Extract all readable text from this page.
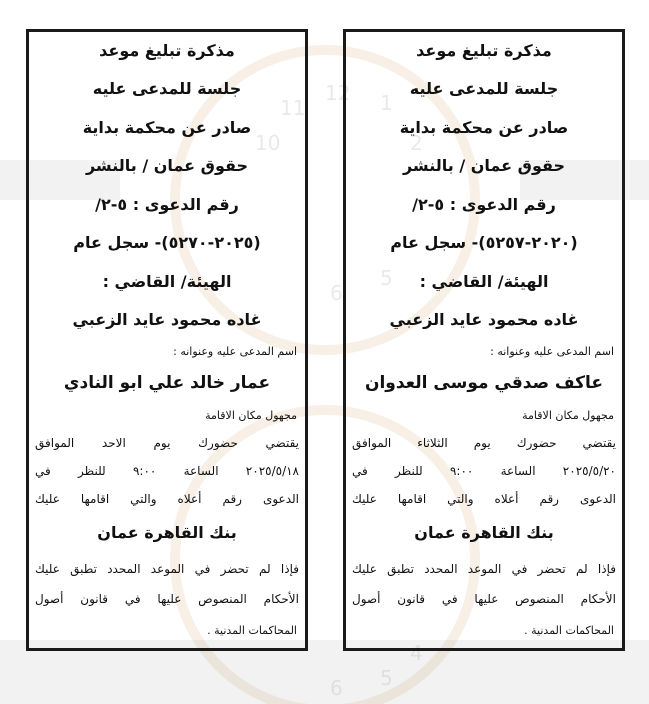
12
11
10
1
2
5
6
4
5
6
مذكرة تبليغ موعد
جلسة للمدعى عليه
صادر عن محكمة بداية
حقوق عمان / بالنشر
رقم الدعوى : ٥-٢/
(٢٠٢٠-٥٢٥٧)- سجل عام
الهيئة/ القاضي :
غاده محمود عايد الزعبي
اسم المدعى عليه وعنوانه :
عاكف صدقي موسى العدوان
مجهول مكان الاقامة
يقتضي حضورك يوم الثلاثاء الموافق
٢٠٢٥/٥/٢٠ الساعة ٩:٠٠ للنظر في
الدعوى رقم أعلاه والتي اقامها عليك
بنك القاهرة عمان
فإذا لم تحضر في الموعد المحدد تطبق عليك
الأحكام المنصوص عليها في قانون أصول
المحاكمات المدنية .
مذكرة تبليغ موعد
جلسة للمدعى عليه
صادر عن محكمة بداية
حقوق عمان / بالنشر
رقم الدعوى : ٥-٢/
(٢٠٢٥-٥٢٧٠)- سجل عام
الهيئة/ القاضي :
غاده محمود عايد الزعبي
اسم المدعى عليه وعنوانه :
عمار خالد علي ابو النادي
مجهول مكان الاقامة
يقتضي حضورك يوم الاحد الموافق
٢٠٢٥/٥/١٨ الساعة ٩:٠٠ للنظر في
الدعوى رقم أعلاه والتي اقامها عليك
بنك القاهرة عمان
فإذا لم تحضر في الموعد المحدد تطبق عليك
الأحكام المنصوص عليها في قانون أصول
المحاكمات المدنية .
